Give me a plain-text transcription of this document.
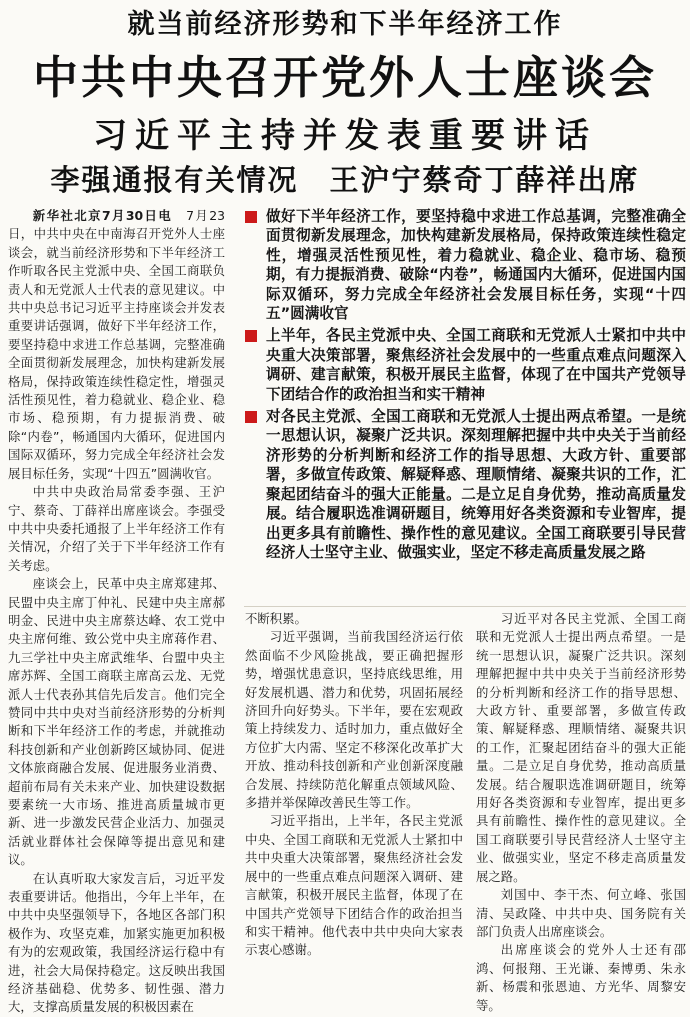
就当前经济形势和下半年经济工作
中共中央召开党外人士座谈会
习近平主持并发表重要讲话
李强通报有关情况　王沪宁蔡奇丁薛祥出席

新华社北京7月30日电　 7月23日，中共中央在中南海召开党外人士座谈会，就当前经济形势和下半年经济工作听取各民主党派中央、全国工商联负责人和无党派人士代表的意见建议。中共中央总书记习近平主持座谈会并发表重要讲话强调，做好下半年经济工作，要坚持稳中求进工作总基调，完整准确全面贯彻新发展理念，加快构建新发展格局，保持政策连续性稳定性，增强灵活性预见性，着力稳就业、稳企业、稳市场、稳预期，有力提振消费、破除“内卷”，畅通国内大循环，促进国内国际双循环，努力完成全年经济社会发展目标任务，实现“十四五”圆满收官。

中共中央政治局常委李强、王沪宁、蔡奇、丁薛祥出席座谈会。李强受中共中央委托通报了上半年经济工作有关情况，介绍了关于下半年经济工作有关考虑。

座谈会上，民革中央主席郑建邦、民盟中央主席丁仲礼、民建中央主席郝明金、民进中央主席蔡达峰、农工党中央主席何维、致公党中央主席蒋作君、九三学社中央主席武维华、台盟中央主席苏辉、全国工商联主席高云龙、无党派人士代表孙其信先后发言。他们完全赞同中共中央对当前经济形势的分析判断和下半年经济工作的考虑，并就推动科技创新和产业创新跨区域协同、促进文体旅商融合发展、促进服务业消费、超前布局有关未来产业、加快建设数据要素统一大市场、推进高质量城市更新、进一步激发民营企业活力、加强灵活就业群体社会保障等提出意见和建议。

在认真听取大家发言后，习近平发表重要讲话。他指出，今年上半年，在中共中央坚强领导下，各地区各部门积极作为、攻坚克难，加紧实施更加积极有为的宏观政策，我国经济运行稳中有进，社会大局保持稳定。这反映出我国经济基础稳、优势多、韧性强、潜力大，支撑高质量发展的积极因素在

做好下半年经济工作，要坚持稳中求进工作总基调，完整准确全面贯彻新发展理念，加快构建新发展格局，保持政策连续性稳定性，增强灵活性预见性，着力稳就业、稳企业、稳市场、稳预期，有力提振消费、破除“内卷”，畅通国内大循环，促进国内国际双循环，努力完成全年经济社会发展目标任务，实现“十四五”圆满收官
上半年，各民主党派中央、全国工商联和无党派人士紧扣中共中央重大决策部署，聚焦经济社会发展中的一些重点难点问题深入调研、建言献策，积极开展民主监督，体现了在中国共产党领导下团结合作的政治担当和实干精神
对各民主党派、全国工商联和无党派人士提出两点希望。一是统一思想认识，凝聚广泛共识。深刻理解把握中共中央关于当前经济形势的分析判断和经济工作的指导思想、大政方针、重要部署，多做宣传政策、解疑释惑、理顺情绪、凝聚共识的工作，汇聚起团结奋斗的强大正能量。二是立足自身优势，推动高质量发展。结合履职选准调研题目，统筹用好各类资源和专业智库，提出更多具有前瞻性、操作性的意见建议。全国工商联要引导民营经济人士坚守主业、做强实业，坚定不移走高质量发展之路

不断积累。

习近平强调，当前我国经济运行依然面临不少风险挑战，要正确把握形势，增强忧患意识，坚持底线思维，用好发展机遇、潜力和优势，巩固拓展经济回升向好势头。下半年，要在宏观政策上持续发力、适时加力，重点做好全方位扩大内需、坚定不移深化改革扩大开放、推动科技创新和产业创新深度融合发展、持续防范化解重点领域风险、多措并举保障改善民生等工作。

习近平指出，上半年，各民主党派中央、全国工商联和无党派人士紧扣中共中央重大决策部署，聚焦经济社会发展中的一些重点难点问题深入调研、建言献策，积极开展民主监督，体现了在中国共产党领导下团结合作的政治担当和实干精神。他代表中共中央向大家表示衷心感谢。

习近平对各民主党派、全国工商联和无党派人士提出两点希望。一是统一思想认识，凝聚广泛共识。深刻理解把握中共中央关于当前经济形势的分析判断和经济工作的指导思想、大政方针、重要部署，多做宣传政策、解疑释惑、理顺情绪、凝聚共识的工作，汇聚起团结奋斗的强大正能量。二是立足自身优势，推动高质量发展。结合履职选准调研题目，统筹用好各类资源和专业智库，提出更多具有前瞻性、操作性的意见建议。全国工商联要引导民营经济人士坚守主业、做强实业，坚定不移走高质量发展之路。

刘国中、李干杰、何立峰、张国清、吴政隆、中共中央、国务院有关部门负责人出席座谈会。

出席座谈会的党外人士还有邵鸿、何报翔、王光谦、秦博勇、朱永新、杨震和张恩迪、方光华、周黎安等。
